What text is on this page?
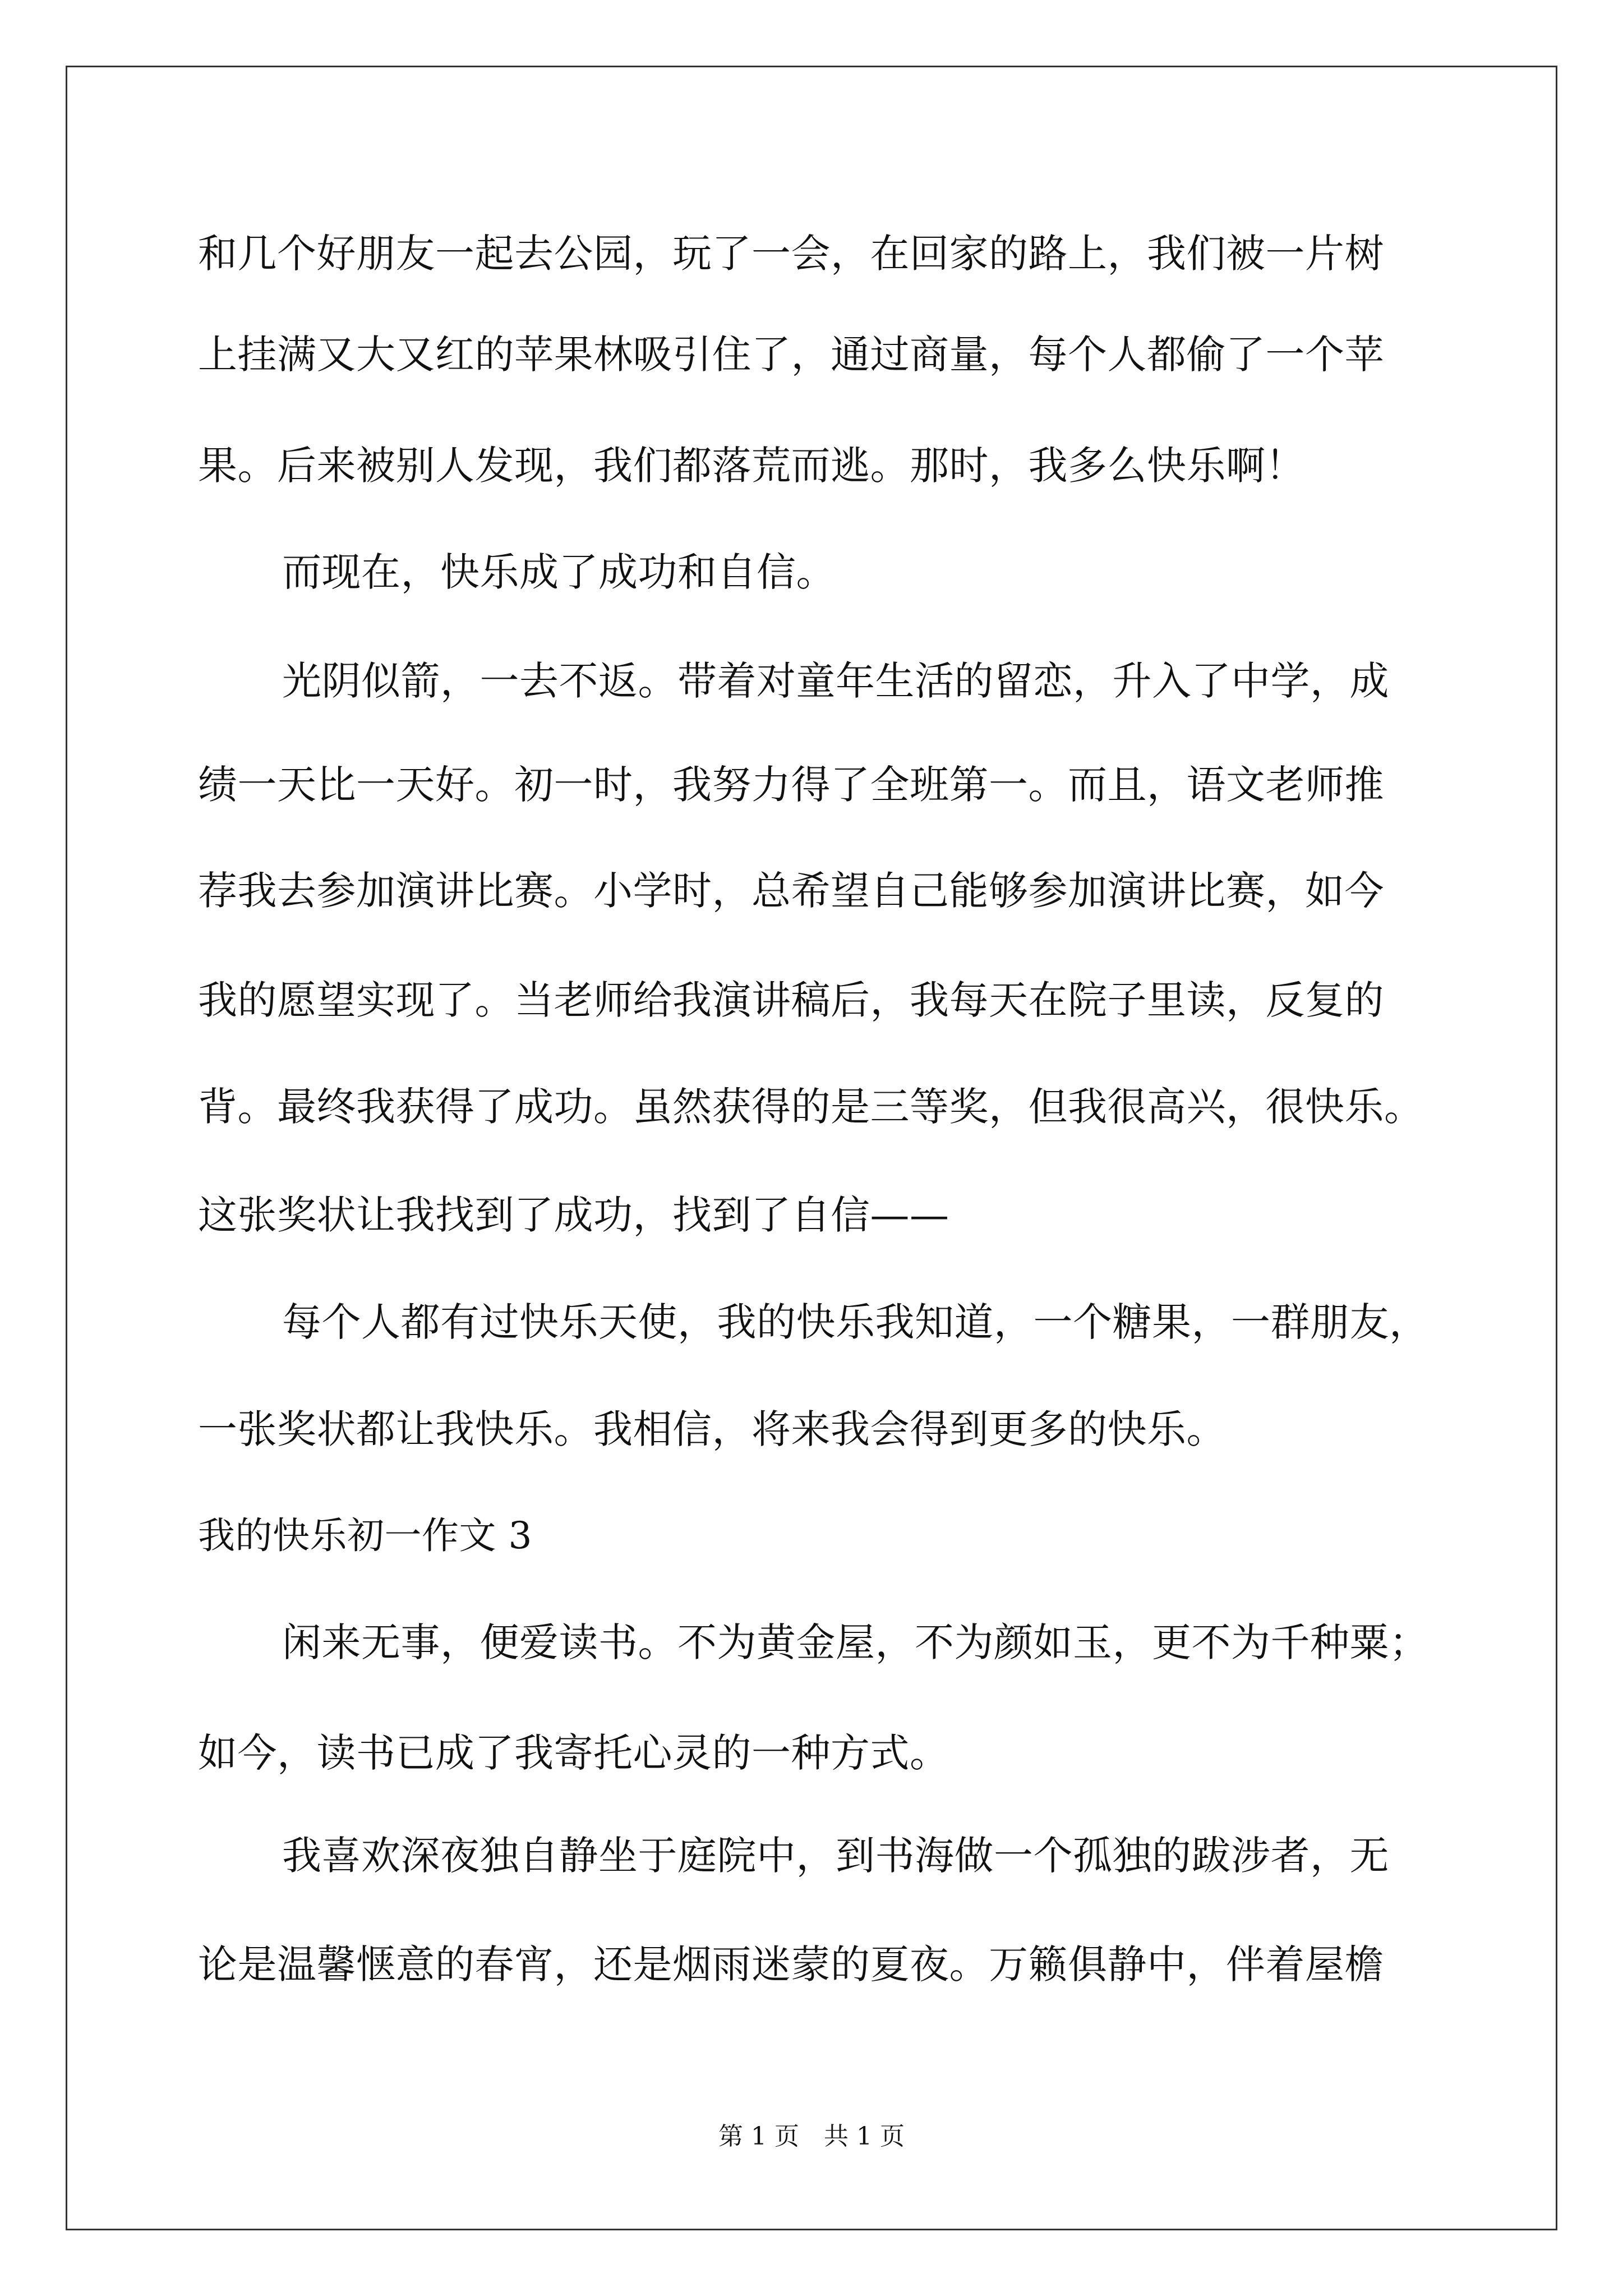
和几个好朋友一起去公园，玩了一会，在回家的路上，我们被一片树
上挂满又大又红的苹果林吸引住了，通过商量，每个人都偷了一个苹
果。后来被别人发现，我们都落荒而逃。那时，我多么快乐啊！
而现在，快乐成了成功和自信。
光阴似箭，一去不返。带着对童年生活的留恋，升入了中学，成
绩一天比一天好。初一时，我努力得了全班第一。而且，语文老师推
荐我去参加演讲比赛。小学时，总希望自己能够参加演讲比赛，如今
我的愿望实现了。当老师给我演讲稿后，我每天在院子里读，反复的
背。最终我获得了成功。虽然获得的是三等奖，但我很高兴，很快乐。
这张奖状让我找到了成功，找到了自信——
每个人都有过快乐天使，我的快乐我知道，一个糖果，一群朋友，
一张奖状都让我快乐。我相信，将来我会得到更多的快乐。
我的快乐初一作文 3
闲来无事，便爱读书。不为黄金屋，不为颜如玉，更不为千种粟；
如今，读书已成了我寄托心灵的一种方式。
我喜欢深夜独自静坐于庭院中，到书海做一个孤独的跋涉者，无
论是温馨惬意的春宵，还是烟雨迷蒙的夏夜。万籁俱静中，伴着屋檐
第 1 页　共 1 页
